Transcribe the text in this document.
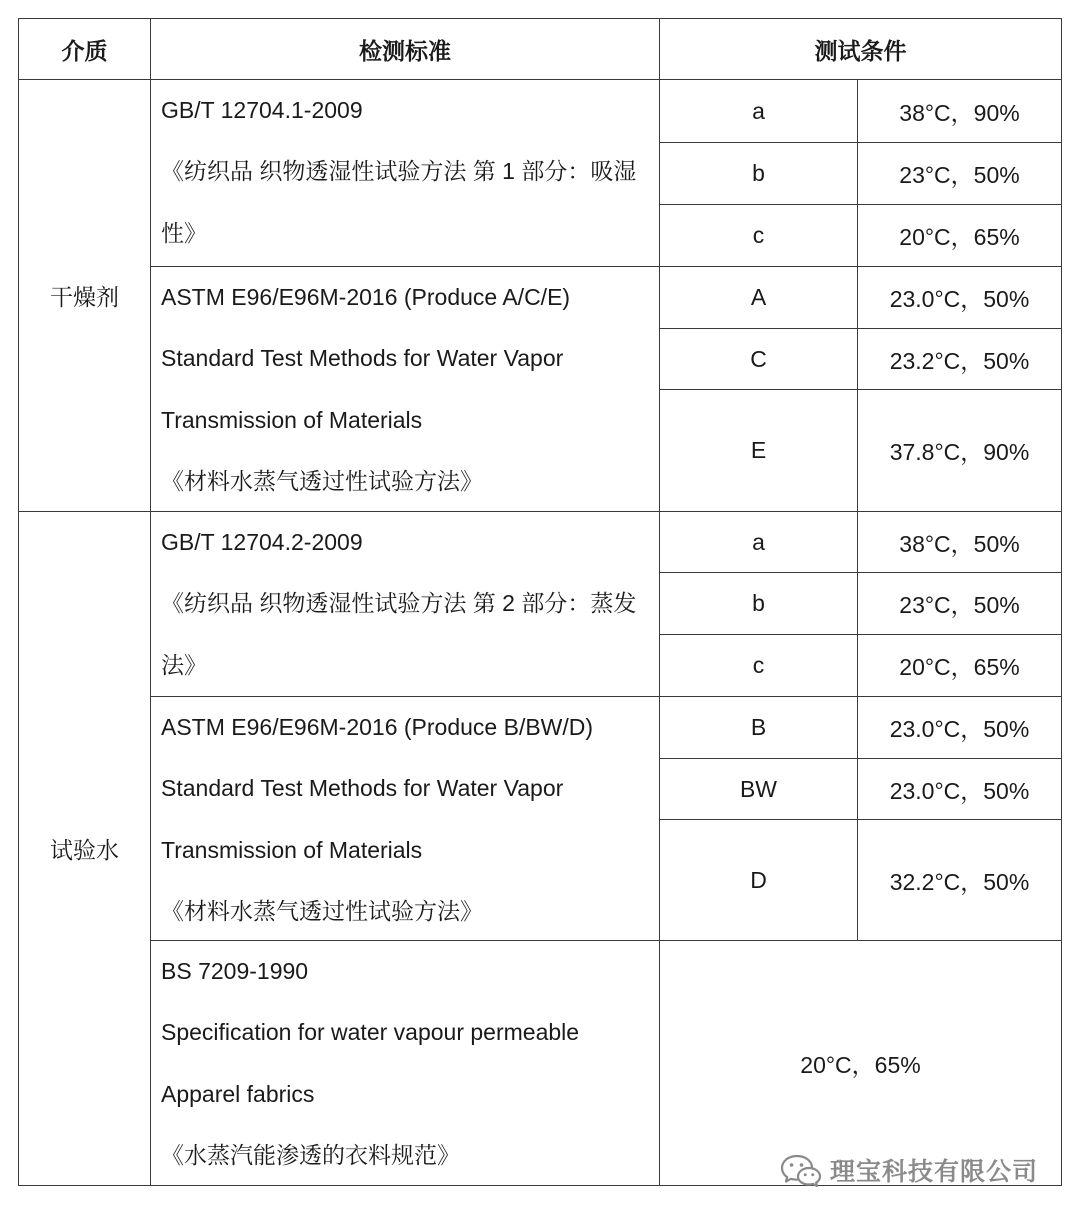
介质	检测标准	测试条件
干燥剂
GB/T 12704.1-2009
《纺织品 织物透湿性试验方法 第 1 部分：吸湿
性》
a	38°C，90%
b	23°C，50%
c	20°C，65%
ASTM E96/E96M-2016 (Produce A/C/E)
Standard Test Methods for Water Vapor
Transmission of Materials
《材料水蒸气透过性试验方法》
A	23.0°C，50%
C	23.2°C，50%
E	37.8°C，90%
试验水
GB/T 12704.2-2009
《纺织品 织物透湿性试验方法 第 2 部分：蒸发
法》
a	38°C，50%
b	23°C，50%
c	20°C，65%
ASTM E96/E96M-2016 (Produce B/BW/D)
Standard Test Methods for Water Vapor
Transmission of Materials
《材料水蒸气透过性试验方法》
B	23.0°C，50%
BW	23.0°C，50%
D	32.2°C，50%
BS 7209-1990
Specification for water vapour permeable
Apparel fabrics
《水蒸汽能渗透的衣料规范》
20°C，65%
理宝科技有限公司
